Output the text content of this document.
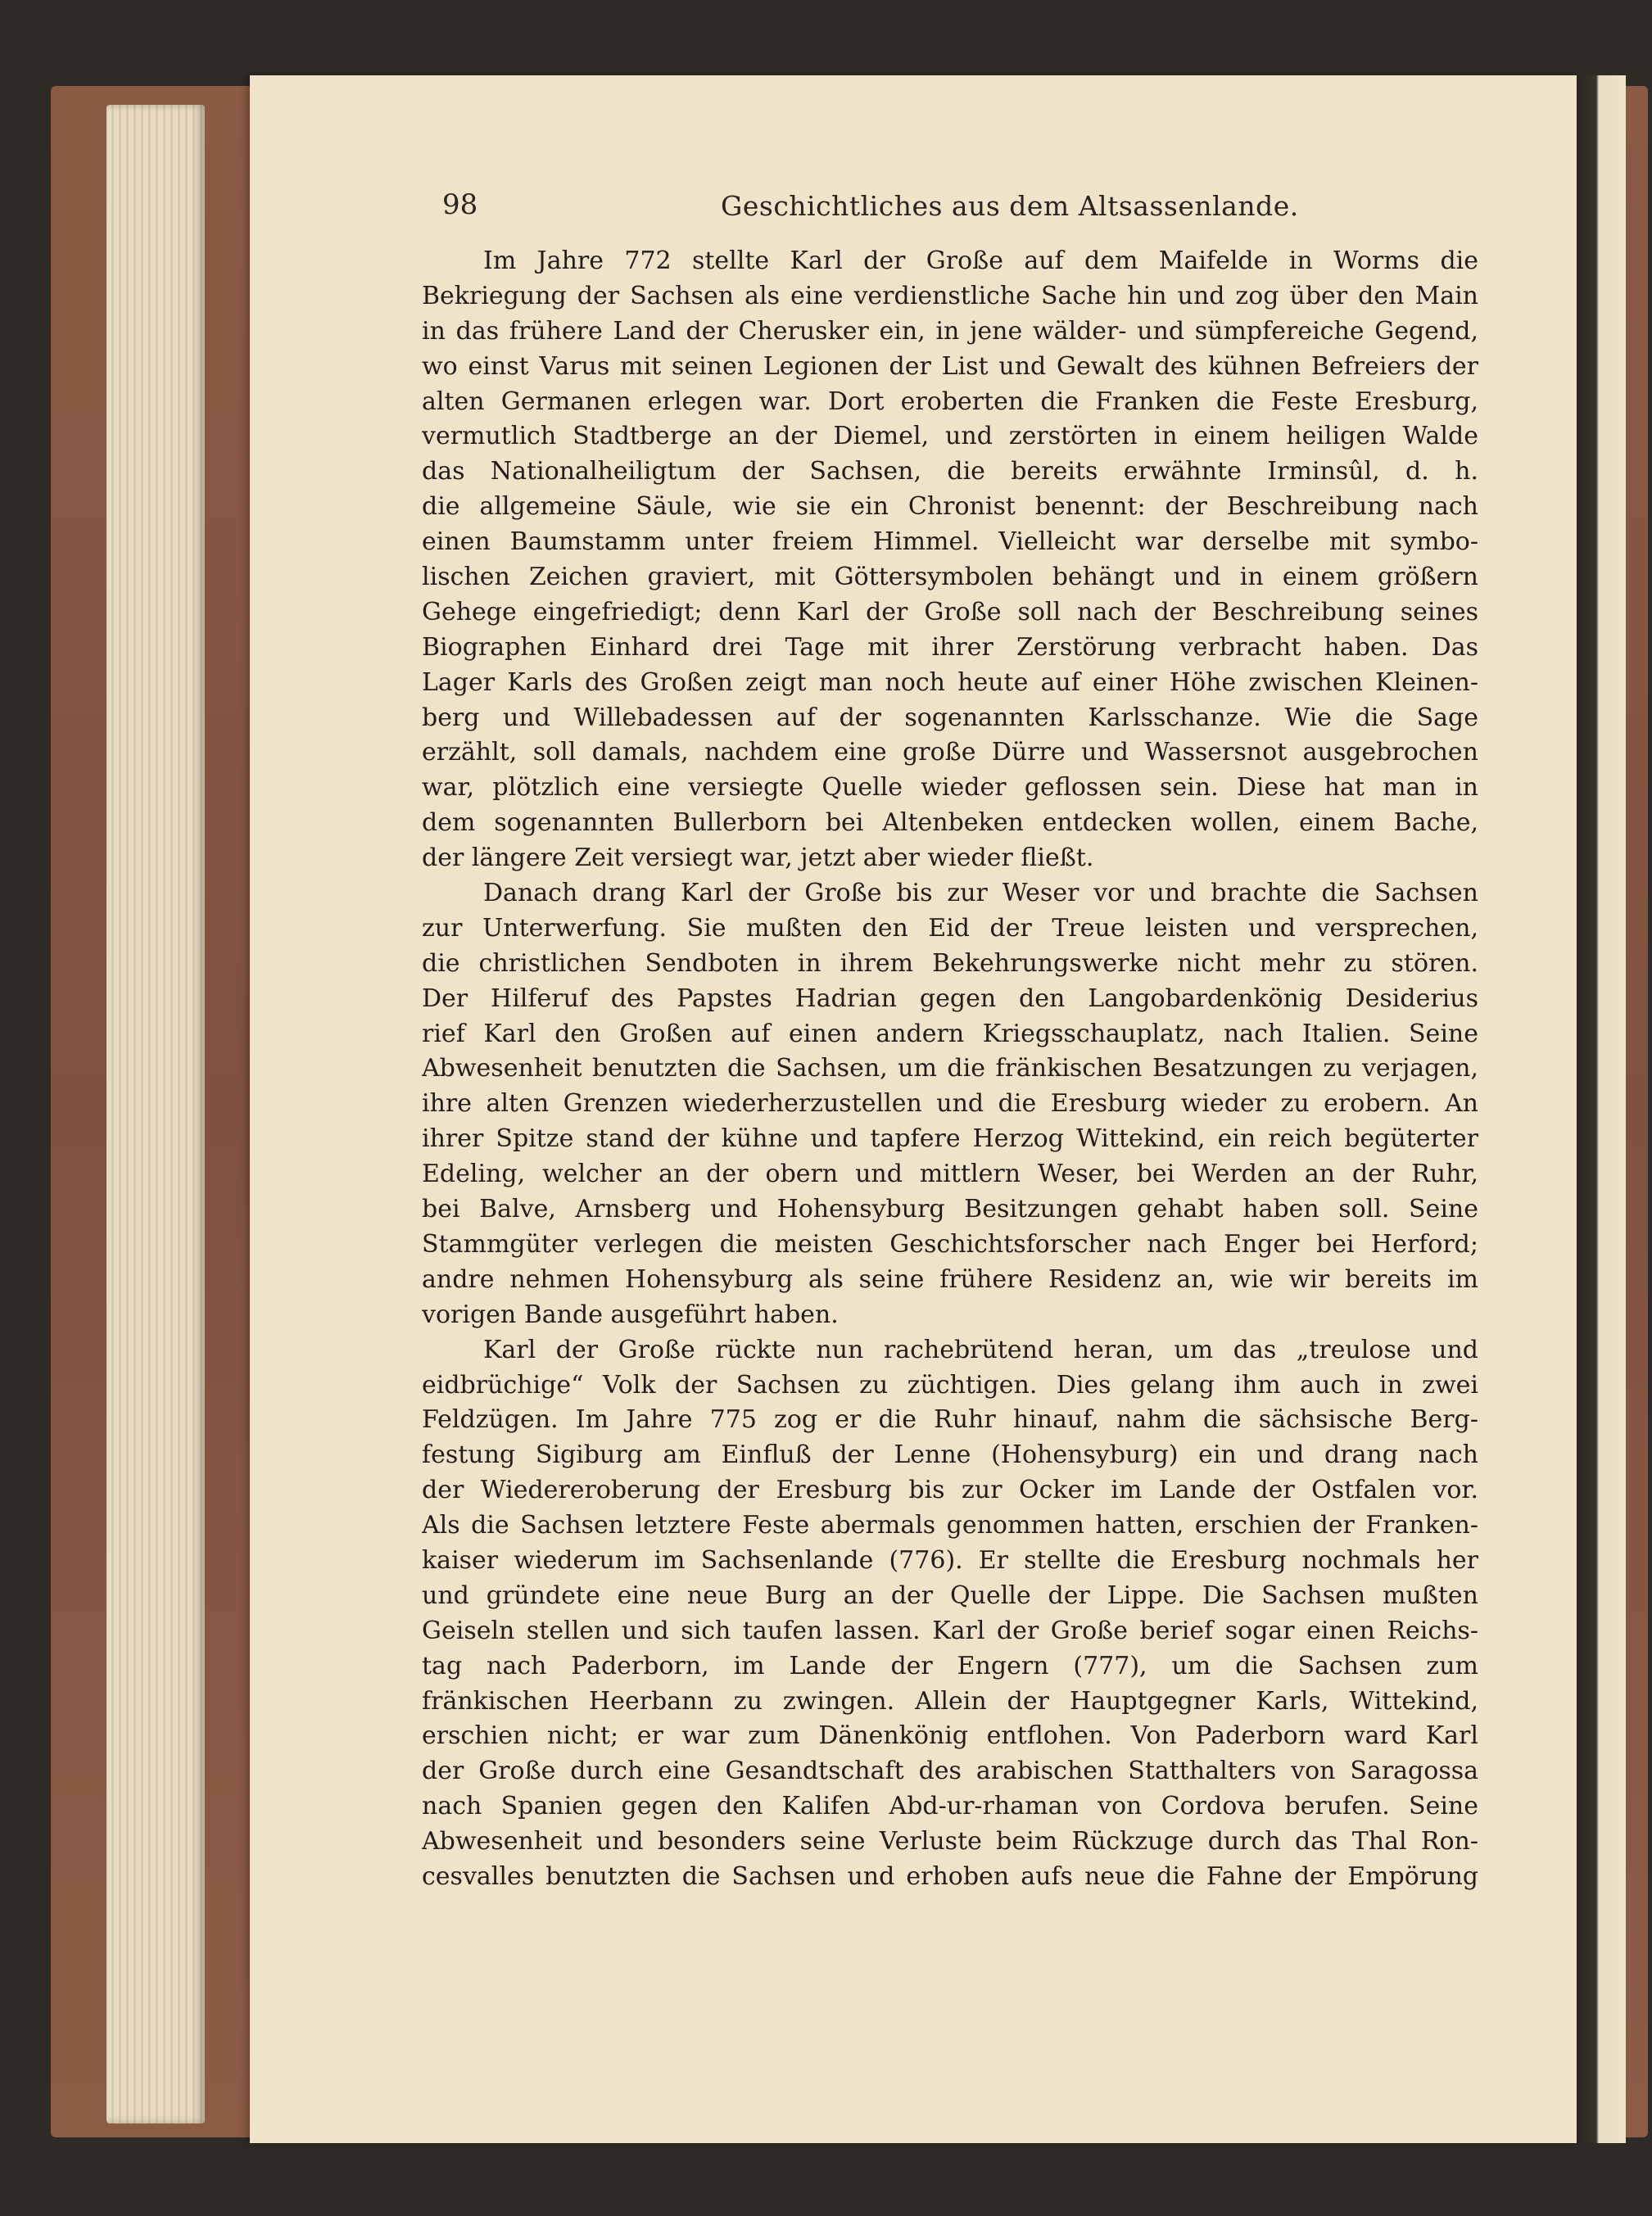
98	Geschichtliches aus dem Altsassenlande.
Im Jahre 772 stellte Karl der Große auf dem Maifelde in Worms die
Bekriegung der Sachsen als eine verdienstliche Sache hin und zog über den Main
in das frühere Land der Cherusker ein, in jene wälder- und sümpfereiche Gegend,
wo einst Varus mit seinen Legionen der List und Gewalt des kühnen Befreiers der
alten Germanen erlegen war. Dort eroberten die Franken die Feste Eresburg,
vermutlich Stadtberge an der Diemel, und zerstörten in einem heiligen Walde
das Nationalheiligtum der Sachsen, die bereits erwähnte Irminsûl, d. h.
die allgemeine Säule, wie sie ein Chronist benennt: der Beschreibung nach
einen Baumstamm unter freiem Himmel. Vielleicht war derselbe mit symbo-
lischen Zeichen graviert, mit Göttersymbolen behängt und in einem größern
Gehege eingefriedigt; denn Karl der Große soll nach der Beschreibung seines
Biographen Einhard drei Tage mit ihrer Zerstörung verbracht haben. Das
Lager Karls des Großen zeigt man noch heute auf einer Höhe zwischen Kleinen-
berg und Willebadessen auf der sogenannten Karlsschanze. Wie die Sage
erzählt, soll damals, nachdem eine große Dürre und Wassersnot ausgebrochen
war, plötzlich eine versiegte Quelle wieder geflossen sein. Diese hat man in
dem sogenannten Bullerborn bei Altenbeken entdecken wollen, einem Bache,
der längere Zeit versiegt war, jetzt aber wieder fließt.
Danach drang Karl der Große bis zur Weser vor und brachte die Sachsen
zur Unterwerfung. Sie mußten den Eid der Treue leisten und versprechen,
die christlichen Sendboten in ihrem Bekehrungswerke nicht mehr zu stören.
Der Hilferuf des Papstes Hadrian gegen den Langobardenkönig Desiderius
rief Karl den Großen auf einen andern Kriegsschauplatz, nach Italien. Seine
Abwesenheit benutzten die Sachsen, um die fränkischen Besatzungen zu verjagen,
ihre alten Grenzen wiederherzustellen und die Eresburg wieder zu erobern. An
ihrer Spitze stand der kühne und tapfere Herzog Wittekind, ein reich begüterter
Edeling, welcher an der obern und mittlern Weser, bei Werden an der Ruhr,
bei Balve, Arnsberg und Hohensyburg Besitzungen gehabt haben soll. Seine
Stammgüter verlegen die meisten Geschichtsforscher nach Enger bei Herford;
andre nehmen Hohensyburg als seine frühere Residenz an, wie wir bereits im
vorigen Bande ausgeführt haben.
Karl der Große rückte nun rachebrütend heran, um das „treulose und
eidbrüchige“ Volk der Sachsen zu züchtigen. Dies gelang ihm auch in zwei
Feldzügen. Im Jahre 775 zog er die Ruhr hinauf, nahm die sächsische Berg-
festung Sigiburg am Einfluß der Lenne (Hohensyburg) ein und drang nach
der Wiedereroberung der Eresburg bis zur Ocker im Lande der Ostfalen vor.
Als die Sachsen letztere Feste abermals genommen hatten, erschien der Franken-
kaiser wiederum im Sachsenlande (776). Er stellte die Eresburg nochmals her
und gründete eine neue Burg an der Quelle der Lippe. Die Sachsen mußten
Geiseln stellen und sich taufen lassen. Karl der Große berief sogar einen Reichs-
tag nach Paderborn, im Lande der Engern (777), um die Sachsen zum
fränkischen Heerbann zu zwingen. Allein der Hauptgegner Karls, Wittekind,
erschien nicht; er war zum Dänenkönig entflohen. Von Paderborn ward Karl
der Große durch eine Gesandtschaft des arabischen Statthalters von Saragossa
nach Spanien gegen den Kalifen Abd-ur-rhaman von Cordova berufen. Seine
Abwesenheit und besonders seine Verluste beim Rückzuge durch das Thal Ron-
cesvalles benutzten die Sachsen und erhoben aufs neue die Fahne der Empörung
